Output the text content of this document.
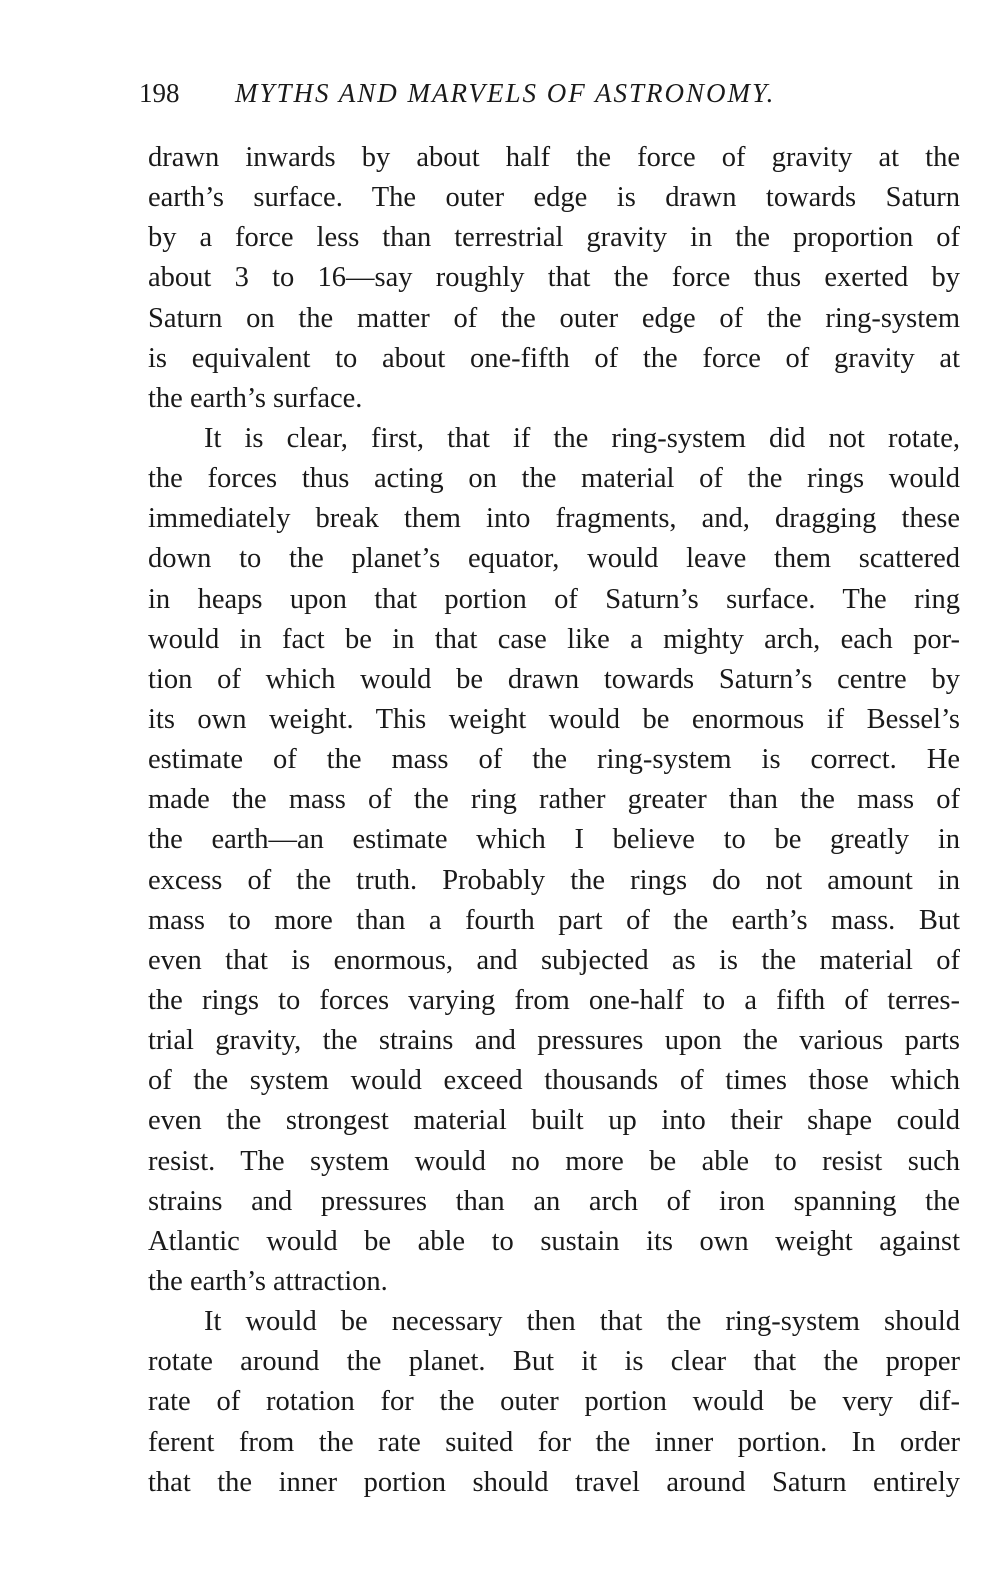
198 MYTHS AND MARVELS OF ASTRONOMY.
drawn inwards by about half the force of gravity at the
earth’s surface. The outer edge is drawn towards Saturn
by a force less than terrestrial gravity in the proportion of
about 3 to 16—say roughly that the force thus exerted by
Saturn on the matter of the outer edge of the ring-system
is equivalent to about one-fifth of the force of gravity at
the earth’s surface.
It is clear, first, that if the ring-system did not rotate,
the forces thus acting on the material of the rings would
immediately break them into fragments, and, dragging these
down to the planet’s equator, would leave them scattered
in heaps upon that portion of Saturn’s surface. The ring
would in fact be in that case like a mighty arch, each por-
tion of which would be drawn towards Saturn’s centre by
its own weight. This weight would be enormous if Bessel’s
estimate of the mass of the ring-system is correct. He
made the mass of the ring rather greater than the mass of
the earth—an estimate which I believe to be greatly in
excess of the truth. Probably the rings do not amount in
mass to more than a fourth part of the earth’s mass. But
even that is enormous, and subjected as is the material of
the rings to forces varying from one-half to a fifth of terres-
trial gravity, the strains and pressures upon the various parts
of the system would exceed thousands of times those which
even the strongest material built up into their shape could
resist. The system would no more be able to resist such
strains and pressures than an arch of iron spanning the
Atlantic would be able to sustain its own weight against
the earth’s attraction.
It would be necessary then that the ring-system should
rotate around the planet. But it is clear that the proper
rate of rotation for the outer portion would be very dif-
ferent from the rate suited for the inner portion. In order
that the inner portion should travel around Saturn entirely
